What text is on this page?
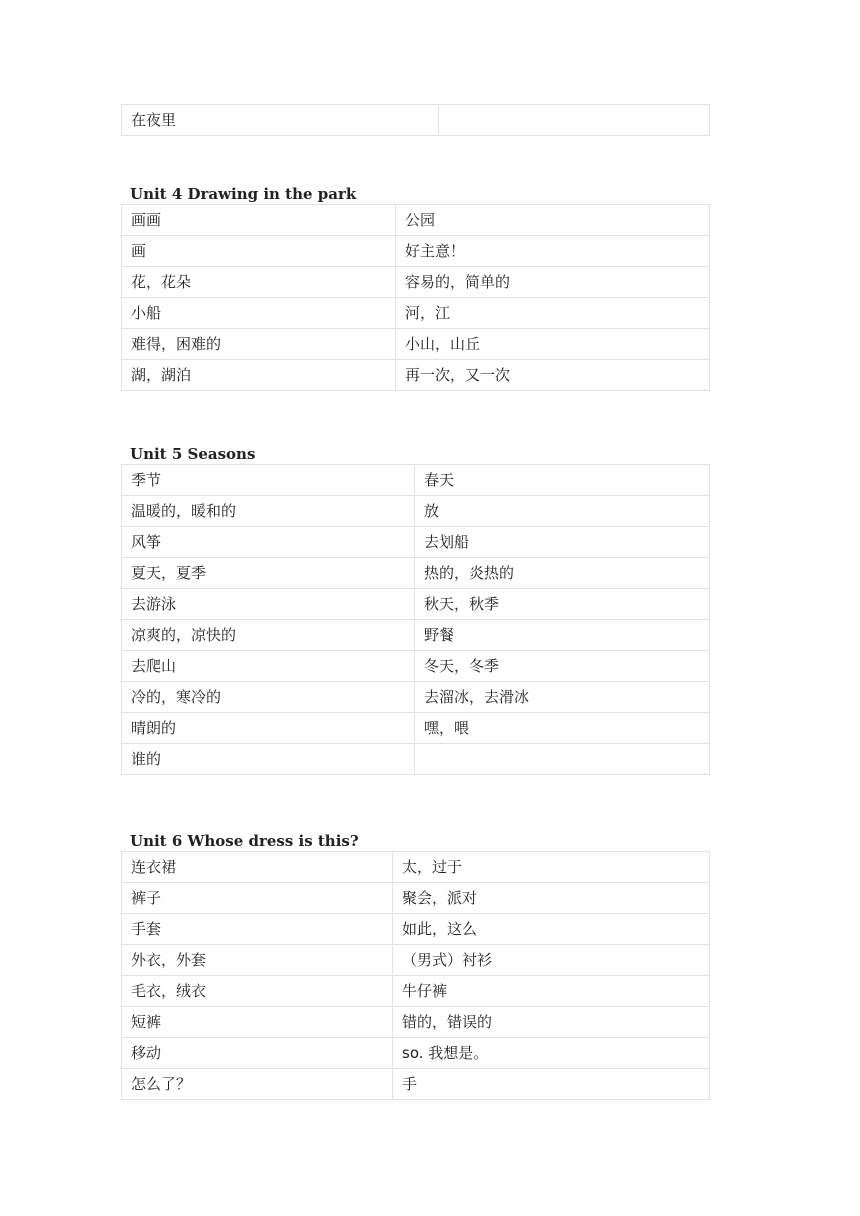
在夜里	
Unit 4 Drawing in the park
画画	公园
画	好主意！
花，花朵	容易的，简单的
小船	河，江
难得，困难的	小山，山丘
湖，湖泊	再一次，又一次
Unit 5 Seasons
季节	春天
温暖的，暖和的	放
风筝	去划船
夏天，夏季	热的，炎热的
去游泳	秋天，秋季
凉爽的，凉快的	野餐
去爬山	冬天，冬季
冷的，寒冷的	去溜冰，去滑冰
晴朗的	嘿，喂
谁的	
Unit 6 Whose dress is this?
连衣裙	太，过于
裤子	聚会，派对
手套	如此，这么
外衣，外套	（男式）衬衫
毛衣，绒衣	牛仔裤
短裤	错的，错误的
移动	so. 我想是。
怎么了？	手
